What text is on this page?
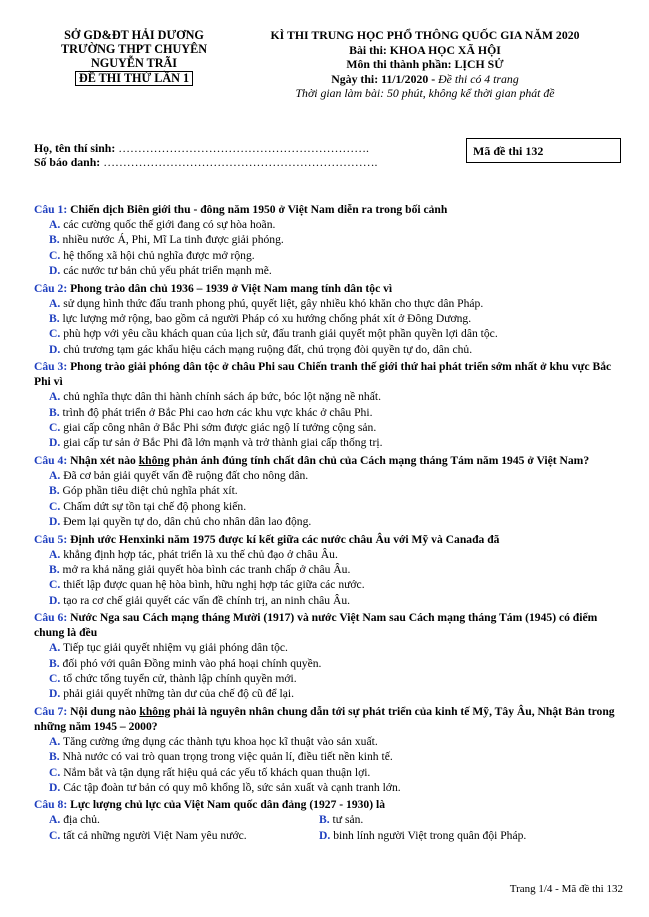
SỞ GD&ĐT HẢI DƯƠNG
TRƯỜNG THPT CHUYÊN
NGUYỄN TRÃI
ĐỀ THI THỬ LẦN 1
KÌ THI TRUNG HỌC PHỔ THÔNG QUỐC GIA NĂM 2020
Bài thi: KHOA HỌC XÃ HỘI
Môn thi thành phần: LỊCH SỬ
Ngày thi: 11/1/2020 - Đề thi có 4 trang
Thời gian làm bài: 50 phút, không kể thời gian phát đề
Họ, tên thí sinh: ……………………………………………………….
Số báo danh: …………………………………………………………….
Mã đề thi 132
Câu 1: Chiến dịch Biên giới thu - đông năm 1950 ở Việt Nam diễn ra trong bối cảnh
A. các cường quốc thế giới đang có sự hòa hoãn.
B. nhiều nước Á, Phi, Mĩ La tinh được giải phóng.
C. hệ thống xã hội chủ nghĩa được mở rộng.
D. các nước tư bản chủ yếu phát triển mạnh mẽ.
Câu 2: Phong trào dân chủ 1936 – 1939 ở Việt Nam mang tính dân tộc vì
A. sử dụng hình thức đấu tranh phong phú, quyết liệt, gây nhiều khó khăn cho thực dân Pháp.
B. lực lượng mở rộng, bao gồm cả người Pháp có xu hướng chống phát xít ở Đông Dương.
C. phù hợp với yêu cầu khách quan của lịch sử, đấu tranh giải quyết một phần quyền lợi dân tộc.
D. chủ trương tạm gác khẩu hiệu cách mạng ruộng đất, chú trọng đòi quyền tự do, dân chủ.
Câu 3: Phong trào giải phóng dân tộc ở châu Phi sau Chiến tranh thế giới thứ hai phát triển sớm nhất ở khu vực Bắc Phi vì
A. chủ nghĩa thực dân thi hành chính sách áp bức, bóc lột nặng nề nhất.
B. trình độ phát triển ở Bắc Phi cao hơn các khu vực khác ở châu Phi.
C. giai cấp công nhân ở Bắc Phi sớm được giác ngộ lí tưởng cộng sản.
D. giai cấp tư sản ở Bắc Phi đã lớn mạnh và trở thành giai cấp thống trị.
Câu 4: Nhận xét nào không phản ánh đúng tính chất dân chủ của Cách mạng tháng Tám năm 1945 ở Việt Nam?
A. Đã cơ bản giải quyết vấn đề ruộng đất cho nông dân.
B. Góp phần tiêu diệt chủ nghĩa phát xít.
C. Chấm dứt sự tồn tại chế độ phong kiến.
D. Đem lại quyền tự do, dân chủ cho nhân dân lao động.
Câu 5: Định ước Henxinki năm 1975 được kí kết giữa các nước châu Âu với Mỹ và Canađa đã
A. khẳng định hợp tác, phát triển là xu thế chủ đạo ở châu Âu.
B. mở ra khả năng giải quyết hòa bình các tranh chấp ở châu Âu.
C. thiết lập được quan hệ hòa bình, hữu nghị hợp tác giữa các nước.
D. tạo ra cơ chế giải quyết các vấn đề chính trị, an ninh châu Âu.
Câu 6: Nước Nga sau Cách mạng tháng Mười (1917) và nước Việt Nam sau Cách mạng tháng Tám (1945) có điểm chung là đều
A. Tiếp tục giải quyết nhiệm vụ giải phóng dân tộc.
B. đối phó với quân Đồng minh vào phá hoại chính quyền.
C. tổ chức tổng tuyển cử, thành lập chính quyền mới.
D. phải giải quyết những tàn dư của chế độ cũ để lại.
Câu 7: Nội dung nào không phải là nguyên nhân chung dẫn tới sự phát triển của kinh tế Mỹ, Tây Âu, Nhật Bản trong những năm 1945 – 2000?
A. Tăng cường ứng dụng các thành tựu khoa học kĩ thuật vào sản xuất.
B. Nhà nước có vai trò quan trọng trong việc quản lí, điều tiết nền kinh tế.
C. Nắm bắt và tận dụng rất hiệu quả các yếu tố khách quan thuận lợi.
D. Các tập đoàn tư bản có quy mô khổng lồ, sức sản xuất và cạnh tranh lớn.
Câu 8: Lực lượng chủ lực của Việt Nam quốc dân đảng (1927 - 1930) là
A. địa chủ.	B. tư sản.
C. tất cả những người Việt Nam yêu nước.	D. binh lính người Việt trong quân đội Pháp.
Trang 1/4 - Mã đề thi 132
